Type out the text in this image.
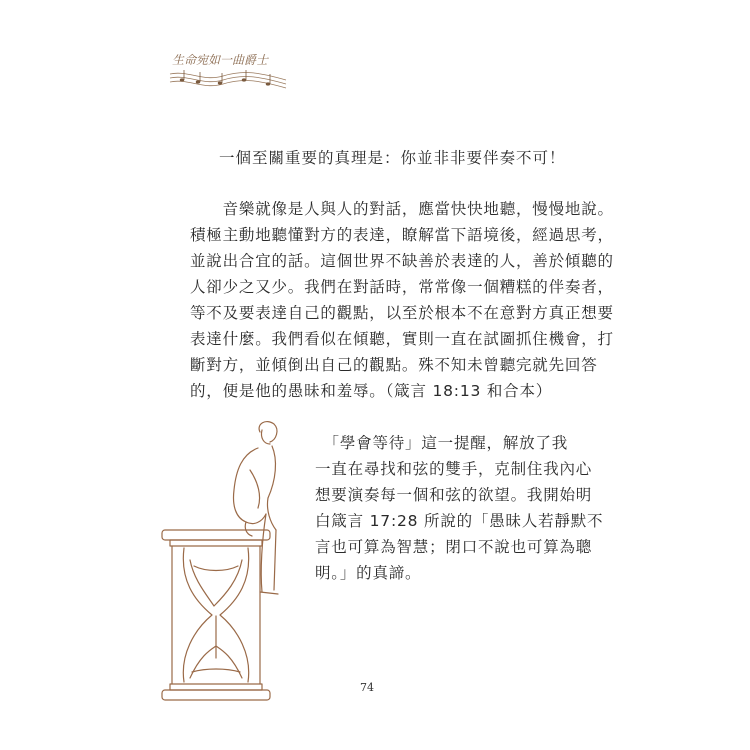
生命宛如一曲爵士
一個至關重要的真理是：你並非非要伴奏不可！
　　音樂就像是人與人的對話，應當快快地聽，慢慢地說。
積極主動地聽懂對方的表達，瞭解當下語境後，經過思考，
並說出合宜的話。這個世界不缺善於表達的人，善於傾聽的
人卻少之又少。我們在對話時，常常像一個糟糕的伴奏者，
等不及要表達自己的觀點，以至於根本不在意對方真正想要
表達什麼。我們看似在傾聽，實則一直在試圖抓住機會，打
斷對方，並傾倒出自己的觀點。殊不知未曾聽完就先回答
的，便是他的愚昧和羞辱。（箴言 18:13 和合本）
　「學會等待」這一提醒，解放了我
一直在尋找和弦的雙手，克制住我內心
想要演奏每一個和弦的欲望。我開始明
白箴言 17:28 所說的「愚昧人若靜默不
言也可算為智慧；閉口不說也可算為聰
明。」的真諦。
74
